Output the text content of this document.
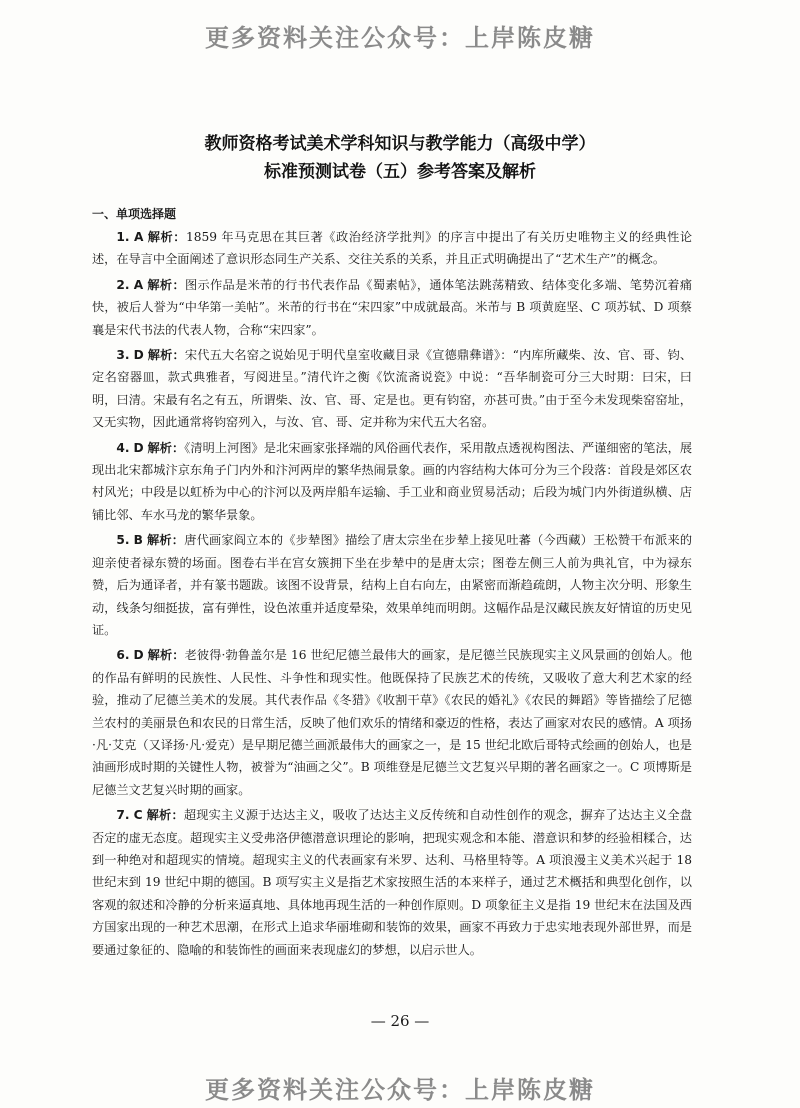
更多资料关注公众号：上岸陈皮糖
教师资格考试美术学科知识与教学能力（高级中学）
标准预测试卷（五）参考答案及解析
一、单项选择题

1. A 解析：1859 年马克思在其巨著《政治经济学批判》的序言中提出了有关历史唯物主义的经典性论述，在导言中全面阐述了意识形态同生产关系、交往关系的关系，并且正式明确提出了“艺术生产”的概念。

2. A 解析：图示作品是米芾的行书代表作品《蜀素帖》，通体笔法跳荡精致、结体变化多端、笔势沉着痛快，被后人誉为“中华第一美帖”。米芾的行书在“宋四家”中成就最高。米芾与 B 项黄庭坚、C 项苏轼、D 项蔡襄是宋代书法的代表人物，合称“宋四家”。

3. D 解析：宋代五大名窑之说始见于明代皇室收藏目录《宣德鼎彝谱》：“内库所藏柴、汝、官、哥、钧、定名窑器皿，款式典雅者，写阅进呈。”清代许之衡《饮流斋说瓷》中说：“吾华制瓷可分三大时期：曰宋，曰明，曰清。宋最有名之有五，所谓柴、汝、官、哥、定是也。更有钧窑，亦甚可贵。”由于至今未发现柴窑窑址，又无实物，因此通常将钧窑列入，与汝、官、哥、定并称为宋代五大名窑。

4. D 解析：《清明上河图》是北宋画家张择端的风俗画代表作，采用散点透视构图法、严谨细密的笔法，展现出北宋都城汴京东角子门内外和汴河两岸的繁华热闹景象。画的内容结构大体可分为三个段落：首段是郊区农村风光；中段是以虹桥为中心的汴河以及两岸船车运输、手工业和商业贸易活动；后段为城门内外街道纵横、店铺比邻、车水马龙的繁华景象。

5. B 解析：唐代画家阎立本的《步辇图》描绘了唐太宗坐在步辇上接见吐蕃（今西藏）王松赞干布派来的迎亲使者禄东赞的场面。图卷右半在宫女簇拥下坐在步辇中的是唐太宗；图卷左侧三人前为典礼官，中为禄东赞，后为通译者，并有篆书题跋。该图不设背景，结构上自右向左，由紧密而渐趋疏朗，人物主次分明、形象生动，线条匀细挺拔，富有弹性，设色浓重并适度晕染，效果单纯而明朗。这幅作品是汉藏民族友好情谊的历史见证。

6. D 解析：老彼得·勃鲁盖尔是 16 世纪尼德兰最伟大的画家，是尼德兰民族现实主义风景画的创始人。他的作品有鲜明的民族性、人民性、斗争性和现实性。他既保持了民族艺术的传统，又吸收了意大利艺术家的经验，推动了尼德兰美术的发展。其代表作品《冬猎》《收割干草》《农民的婚礼》《农民的舞蹈》等皆描绘了尼德兰农村的美丽景色和农民的日常生活，反映了他们欢乐的情绪和豪迈的性格，表达了画家对农民的感情。A 项扬·凡·艾克（又译扬·凡·爱克）是早期尼德兰画派最伟大的画家之一，是 15 世纪北欧后哥特式绘画的创始人，也是油画形成时期的关键性人物，被誉为“油画之父”。B 项维登是尼德兰文艺复兴早期的著名画家之一。C 项博斯是尼德兰文艺复兴时期的画家。

7. C 解析：超现实主义源于达达主义，吸收了达达主义反传统和自动性创作的观念，摒弃了达达主义全盘否定的虚无态度。超现实主义受弗洛伊德潜意识理论的影响，把现实观念和本能、潜意识和梦的经验相糅合，达到一种绝对和超现实的情境。超现实主义的代表画家有米罗、达利、马格里特等。A 项浪漫主义美术兴起于 18 世纪末到 19 世纪中期的德国。B 项写实主义是指艺术家按照生活的本来样子，通过艺术概括和典型化创作，以客观的叙述和冷静的分析来逼真地、具体地再现生活的一种创作原则。D 项象征主义是指 19 世纪末在法国及西方国家出现的一种艺术思潮，在形式上追求华丽堆砌和装饰的效果，画家不再致力于忠实地表现外部世界，而是要通过象征的、隐喻的和装饰性的画面来表现虚幻的梦想，以启示世人。

— 26 —
更多资料关注公众号：上岸陈皮糖
